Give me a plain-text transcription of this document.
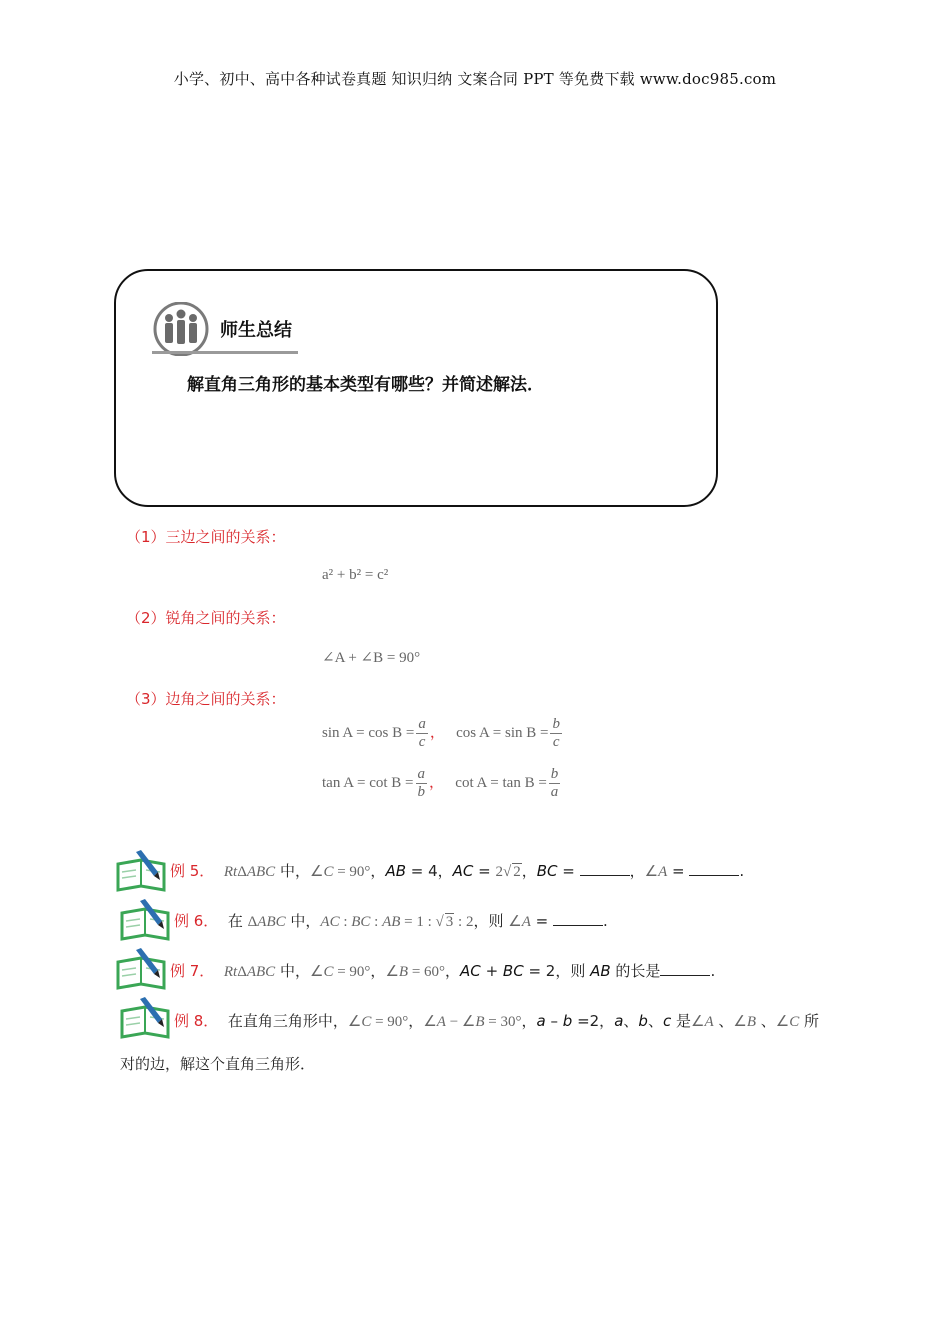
小学、初中、高中各种试卷真题 知识归纳 文案合同 PPT 等免费下载 www.doc985.com
师生总结
解直角三角形的基本类型有哪些？并简述解法．
（1）三边之间的关系：
a² + b² = c²
（2）锐角之间的关系：
∠A + ∠B = 90°
（3）边角之间的关系：
$\sin A = \cos B = \frac{a}{c}$ ， $\cos A = \sin B = \frac{b}{c}$
$\tan A = \cot B = \frac{a}{b}$ ， $\cot A = \tan B = \frac{b}{a}$
例 5． RtΔABC 中，∠C = 90°，AB = 4，AC = 2√ 2，BC =	，∠A =	.
例 6．  在 ΔABC 中，AC : BC : AB = 1 : √ 3 : 2，则 ∠A =	.
例 7． RtΔABC 中，∠C = 90°，∠B = 60°，AC + BC = 2，则 AB 的长是	.
例 8．  在直角三角形中，∠C = 90°，∠A − ∠B = 30°，a – b =2，a、b、c 是∠A 、∠B 、∠C 所
对的边，解这个直角三角形．
